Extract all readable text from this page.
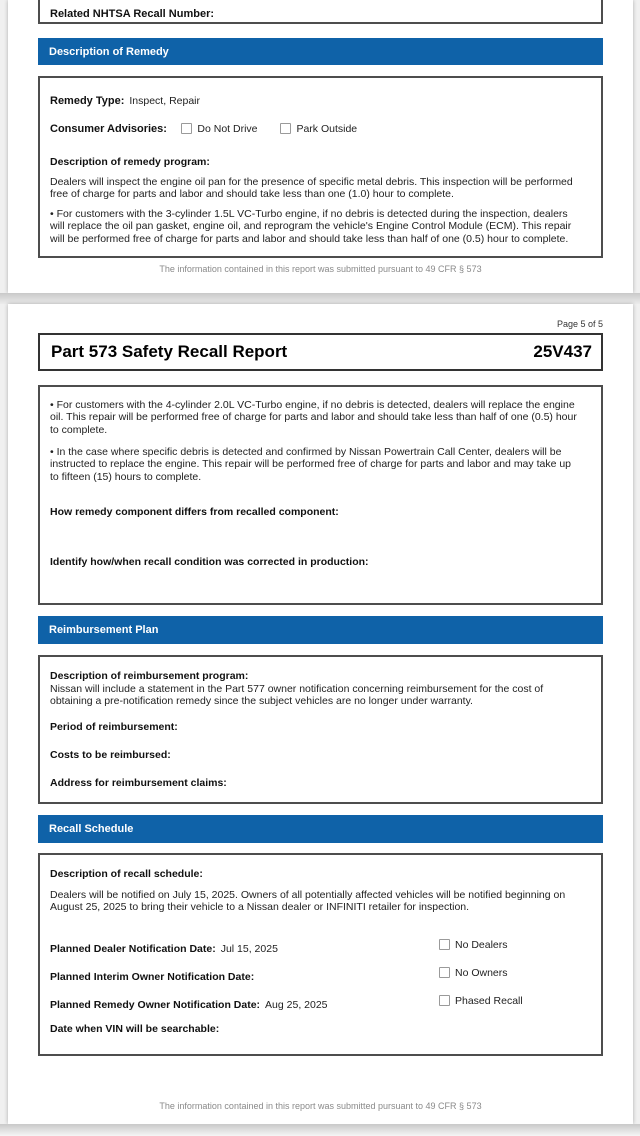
Related NHTSA Recall Number:
Description of Remedy
Remedy Type: Inspect, Repair
Consumer Advisories:	Do Not Drive	Park Outside
Description of remedy program:
Dealers will inspect the engine oil pan for the presence of specific metal debris. This inspection will be performed free of charge for parts and labor and should take less than one (1.0) hour to complete.
• For customers with the 3-cylinder 1.5L VC-Turbo engine, if no debris is detected during the inspection, dealers will replace the oil pan gasket, engine oil, and reprogram the vehicle's Engine Control Module (ECM). This repair will be performed free of charge for parts and labor and should take less than half of one (0.5) hour to complete.
The information contained in this report was submitted pursuant to 49 CFR § 573
Page 5 of 5
Part 573 Safety Recall Report	25V437
• For customers with the 4-cylinder 2.0L VC-Turbo engine, if no debris is detected, dealers will replace the engine oil. This repair will be performed free of charge for parts and labor and should take less than half of one (0.5) hour to complete.
• In the case where specific debris is detected and confirmed by Nissan Powertrain Call Center, dealers will be instructed to replace the engine. This repair will be performed free of charge for parts and labor and may take up to fifteen (15) hours to complete.
How remedy component differs from recalled component:
Identify how/when recall condition was corrected in production:
Reimbursement Plan
Description of reimbursement program:
Nissan will include a statement in the Part 577 owner notification concerning reimbursement for the cost of obtaining a pre-notification remedy since the subject vehicles are no longer under warranty.
Period of reimbursement:
Costs to be reimbursed:
Address for reimbursement claims:
Recall Schedule
Description of recall schedule:
Dealers will be notified on July 15, 2025. Owners of all potentially affected vehicles will be notified beginning on August 25, 2025 to bring their vehicle to a Nissan dealer or INFINITI retailer for inspection.
Planned Dealer Notification Date: Jul 15, 2025	No Dealers
Planned Interim Owner Notification Date:	No Owners
Planned Remedy Owner Notification Date: Aug 25, 2025	Phased Recall
Date when VIN will be searchable:
The information contained in this report was submitted pursuant to 49 CFR § 573
